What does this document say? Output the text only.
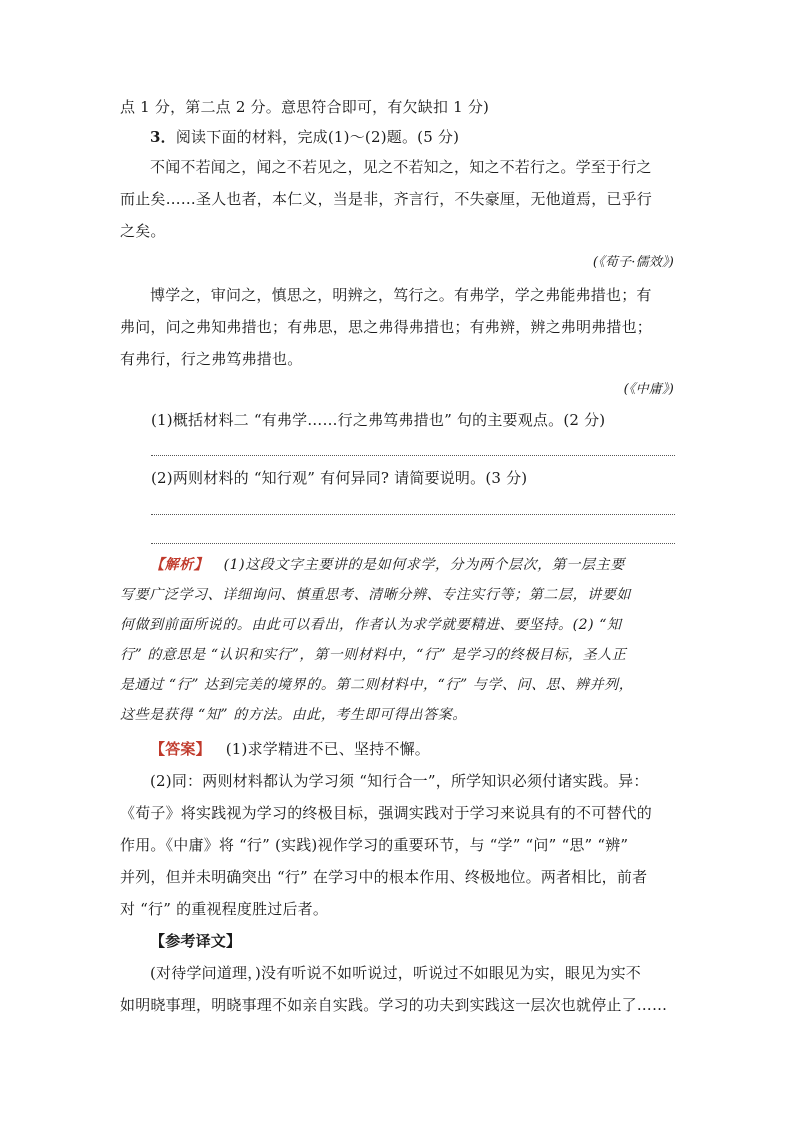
点 1 分，第二点 2 分。意思符合即可，有欠缺扣 1 分)
3．阅读下面的材料，完成(1)～(2)题。(5 分)
不闻不若闻之，闻之不若见之，见之不若知之，知之不若行之。学至于行之
而止矣……圣人也者，本仁义，当是非，齐言行，不失豪厘，无他道焉，已乎行
之矣。
(《荀子·儒效》)
博学之，审问之，慎思之，明辨之，笃行之。有弗学，学之弗能弗措也；有
弗问，问之弗知弗措也；有弗思，思之弗得弗措也；有弗辨，辨之弗明弗措也；
有弗行，行之弗笃弗措也。
(《中庸》)
(1)概括材料二 “有弗学……行之弗笃弗措也” 句的主要观点。(2 分)
(2)两则材料的 “知行观” 有何异同? 请简要说明。(3 分)
【解析】 (1)这段文字主要讲的是如何求学，分为两个层次，第一层主要
写要广泛学习、详细询问、慎重思考、清晰分辨、专注实行等；第二层，讲要如
何做到前面所说的。由此可以看出，作者认为求学就要精进、要坚持。(2) “知
行” 的意思是 “认识和实行”，第一则材料中，“行” 是学习的终极目标，圣人正
是通过 “行” 达到完美的境界的。第二则材料中，“行” 与学、问、思、辨并列，
这些是获得 “知” 的方法。由此，考生即可得出答案。
【答案】 (1)求学精进不已、坚持不懈。
(2)同：两则材料都认为学习须 “知行合一”，所学知识必须付诸实践。异：
《荀子》将实践视为学习的终极目标，强调实践对于学习来说具有的不可替代的
作用。《中庸》将 “行” (实践)视作学习的重要环节，与 “学” “问” “思” “辨”
并列，但并未明确突出 “行” 在学习中的根本作用、终极地位。两者相比，前者
对 “行” 的重视程度胜过后者。
【参考译文】
(对待学问道理，)没有听说不如听说过，听说过不如眼见为实，眼见为实不
如明晓事理，明晓事理不如亲自实践。学习的功夫到实践这一层次也就停止了……
